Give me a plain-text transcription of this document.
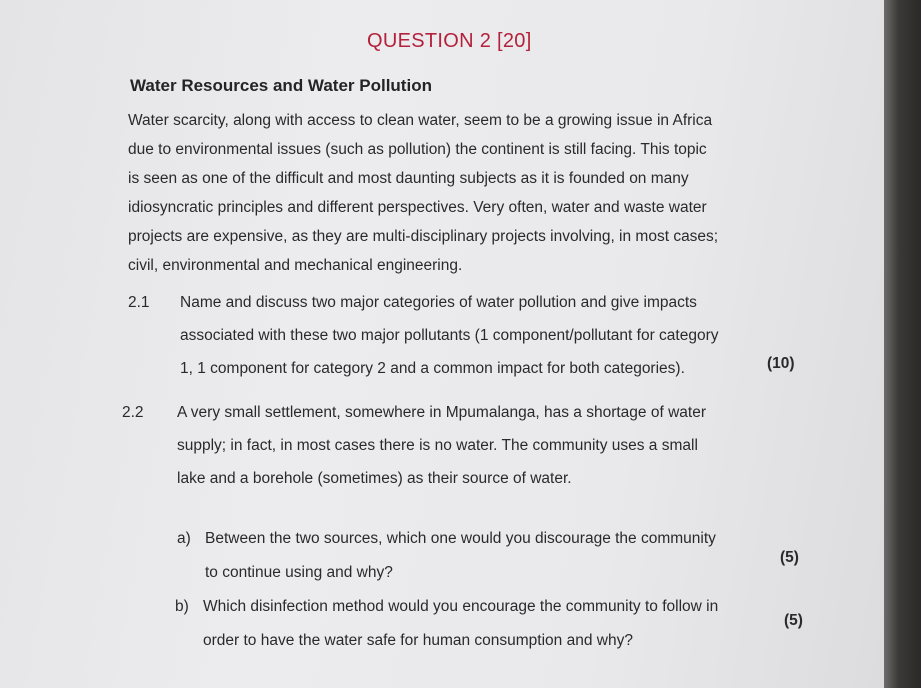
QUESTION 2 [20]
Water Resources and Water Pollution
Water scarcity, along with access to clean water, seem to be a growing issue in Africa
due to environmental issues (such as pollution) the continent is still facing. This topic
is seen as one of the difficult and most daunting subjects as it is founded on many
idiosyncratic principles and different perspectives. Very often, water and waste water
projects are expensive, as they are multi-disciplinary projects involving, in most cases;
civil, environmental and mechanical engineering.
2.1 Name and discuss two major categories of water pollution and give impacts
associated with these two major pollutants (1 component/pollutant for category
1, 1 component for category 2 and a common impact for both categories).	(10)
2.2 A very small settlement, somewhere in Mpumalanga, has a shortage of water
supply; in fact, in most cases there is no water. The community uses a small
lake and a borehole (sometimes) as their source of water.
a) Between the two sources, which one would you discourage the community
to continue using and why?
(5)
b) Which disinfection method would you encourage the community to follow in
order to have the water safe for human consumption and why?
(5)
